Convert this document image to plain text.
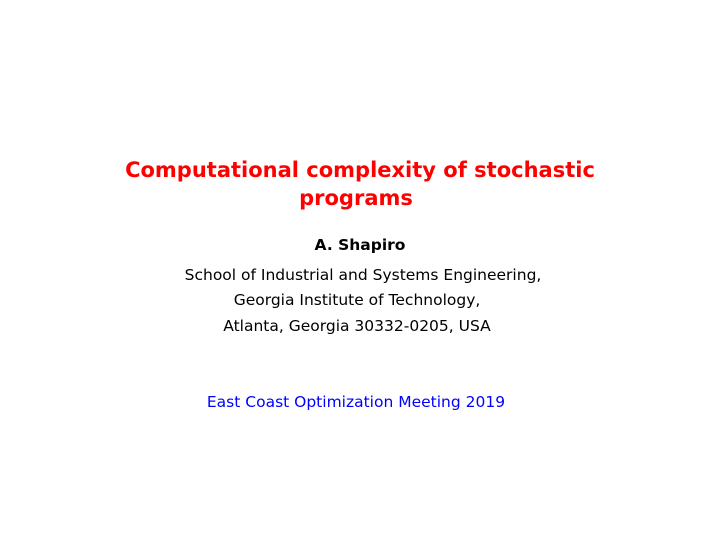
Computational complexity of stochastic
programs
A. Shapiro
School of Industrial and Systems Engineering,
Georgia Institute of Technology,
Atlanta, Georgia 30332-0205, USA
East Coast Optimization Meeting 2019
